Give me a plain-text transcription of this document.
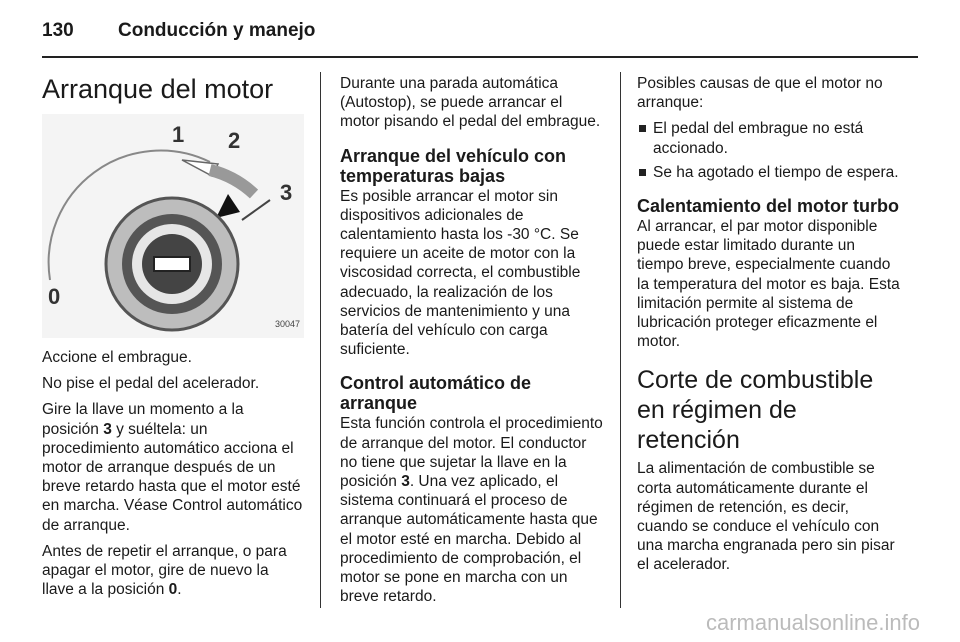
130 Conducción y manejo
Arranque del motor
1 2
3
0
30047

Accione el embrague.

No pise el pedal del acelerador.

Gire la llave un momento a la posición 3 y suéltela: un procedimiento automático acciona el motor de arranque después de un breve retardo hasta que el motor esté en marcha. Véase Control automático de arranque.

Antes de repetir el arranque, o para apagar el motor, gire de nuevo la llave a la posición 0.

Durante una parada automática (Autostop), se puede arrancar el motor pisando el pedal del embrague.

Arranque del vehículo con temperaturas bajas

Es posible arrancar el motor sin dispositivos adicionales de calentamiento hasta los -30 °C. Se requiere un aceite de motor con la viscosidad correcta, el combustible adecuado, la realización de los servicios de mantenimiento y una batería del vehículo con carga suficiente.

Control automático de arranque

Esta función controla el procedimiento de arranque del motor. El conductor no tiene que sujetar la llave en la posición 3. Una vez aplicado, el sistema continuará el proceso de arranque automáticamente hasta que el motor esté en marcha. Debido al procedimiento de comprobación, el motor se pone en marcha con un breve retardo.

Posibles causas de que el motor no arranque:

El pedal del embrague no está accionado.
Se ha agotado el tiempo de espera.
Calentamiento del motor turbo

Al arrancar, el par motor disponible puede estar limitado durante un tiempo breve, especialmente cuando la temperatura del motor es baja. Esta limitación permite al sistema de lubricación proteger eficazmente el motor.

Corte de combustible en régimen de retención

La alimentación de combustible se corta automáticamente durante el régimen de retención, es decir, cuando se conduce el vehículo con una marcha engranada pero sin pisar el acelerador.

carmanualsonline.info
